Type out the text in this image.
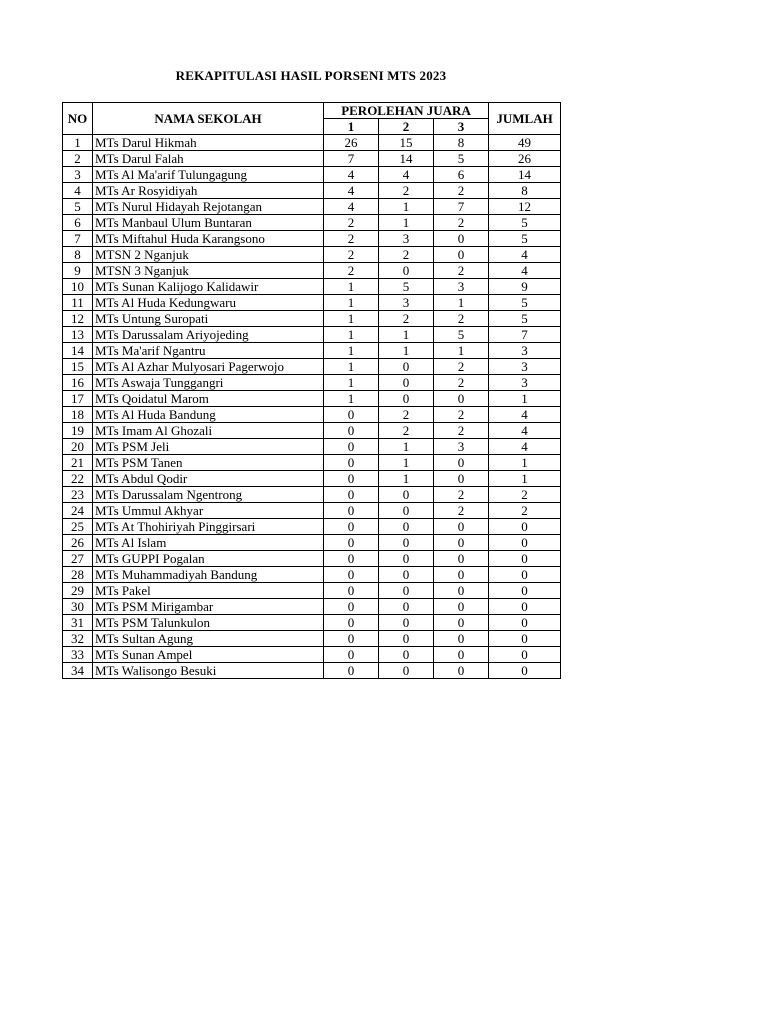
REKAPITULASI HASIL PORSENI MTS 2023
NO	NAMA SEKOLAH	PEROLEHAN JUARA			JUMLAH
		1	2	3	
1	MTs Darul Hikmah	26	15	8	49
2	MTs Darul Falah	7	14	5	26
3	MTs Al Ma'arif Tulungagung	4	4	6	14
4	MTs Ar Rosyidiyah	4	2	2	8
5	MTs Nurul Hidayah Rejotangan	4	1	7	12
6	MTs Manbaul Ulum Buntaran	2	1	2	5
7	MTs Miftahul Huda Karangsono	2	3	0	5
8	MTSN 2 Nganjuk	2	2	0	4
9	MTSN 3 Nganjuk	2	0	2	4
10	MTs Sunan Kalijogo Kalidawir	1	5	3	9
11	MTs Al Huda Kedungwaru	1	3	1	5
12	MTs Untung Suropati	1	2	2	5
13	MTs Darussalam Ariyojeding	1	1	5	7
14	MTs Ma'arif Ngantru	1	1	1	3
15	MTs Al Azhar Mulyosari Pagerwojo	1	0	2	3
16	MTs Aswaja Tunggangri	1	0	2	3
17	MTs Qoidatul Marom	1	0	0	1
18	MTs Al Huda Bandung	0	2	2	4
19	MTs Imam Al Ghozali	0	2	2	4
20	MTs PSM Jeli	0	1	3	4
21	MTs PSM Tanen	0	1	0	1
22	MTs Abdul Qodir	0	1	0	1
23	MTs Darussalam Ngentrong	0	0	2	2
24	MTs Ummul Akhyar	0	0	2	2
25	MTs At Thohiriyah Pinggirsari	0	0	0	0
26	MTs Al Islam	0	0	0	0
27	MTs GUPPI Pogalan	0	0	0	0
28	MTs Muhammadiyah Bandung	0	0	0	0
29	MTs Pakel	0	0	0	0
30	MTs PSM Mirigambar	0	0	0	0
31	MTs PSM Talunkulon	0	0	0	0
32	MTs Sultan Agung	0	0	0	0
33	MTs Sunan Ampel	0	0	0	0
34	MTs Walisongo Besuki	0	0	0	0
